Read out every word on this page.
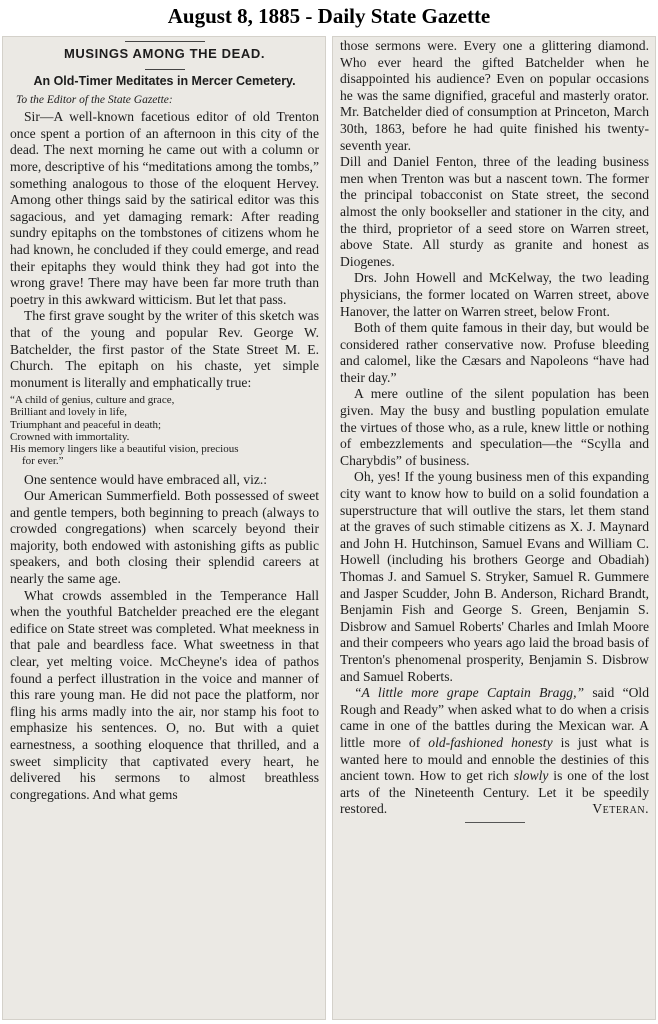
August 8, 1885 - Daily State Gazette
MUSINGS AMONG THE DEAD.
An Old-Timer Meditates in Mercer Cemetery.

To the Editor of the State Gazette:

Sir—A well-known facetious editor of old Trenton once spent a portion of an afternoon in this city of the dead. The next morning he came out with a column or more, descriptive of his “meditations among the tombs,” something analogous to those of the eloquent Hervey. Among other things said by the satirical editor was this sagacious, and yet damaging remark: After reading sundry epitaphs on the tombstones of citizens whom he had known, he concluded if they could emerge, and read their epitaphs they would think they had got into the wrong grave! There may have been far more truth than poetry in this awkward witticism. But let that pass.

The first grave sought by the writer of this sketch was that of the young and popular Rev. George W. Batchelder, the first pastor of the State Street M. E. Church. The epitaph on his chaste, yet simple monument is literally and emphatically true:

“A child of genius, culture and grace,
Brilliant and lovely in life,
Triumphant and peaceful in death;
Crowned with immortality.
His memory lingers like a beautiful vision, precious
for ever.”

One sentence would have embraced all, viz.:

Our American Summerfield. Both possessed of sweet and gentle tempers, both beginning to preach (always to crowded congregations) when scarcely beyond their majority, both endowed with astonishing gifts as public speakers, and both closing their splendid careers at nearly the same age.

What crowds assembled in the Temperance Hall when the youthful Batchelder preached ere the elegant edifice on State street was completed. What meekness in that pale and beardless face. What sweetness in that clear, yet melting voice. McCheyne's idea of pathos found a perfect illustration in the voice and manner of this rare young man. He did not pace the platform, nor fling his arms madly into the air, nor stamp his foot to emphasize his sentences. O, no. But with a quiet earnestness, a soothing eloquence that thrilled, and a sweet simplicity that captivated every heart, he delivered his sermons to almost breathless congregations. And what gems

those sermons were. Every one a glittering diamond. Who ever heard the gifted Batchelder when he disappointed his audience? Even on popular occasions he was the same dignified, graceful and masterly orator. Mr. Batchelder died of consumption at Princeton, March 30th, 1863, before he had quite finished his twenty-seventh year.

Dill and Daniel Fenton, three of the leading business men when Trenton was but a nascent town. The former the principal tobacconist on State street, the second almost the only bookseller and stationer in the city, and the third, proprietor of a seed store on Warren street, above State. All sturdy as granite and honest as Diogenes.

Drs. John Howell and McKelway, the two leading physicians, the former located on Warren street, above Hanover, the latter on Warren street, below Front.

Both of them quite famous in their day, but would be considered rather conservative now. Profuse bleeding and calomel, like the Cæsars and Napoleons “have had their day.”

A mere outline of the silent population has been given. May the busy and bustling population emulate the virtues of those who, as a rule, knew little or nothing of embezzlements and speculation—the “Scylla and Charybdis” of business.

Oh, yes! If the young business men of this expanding city want to know how to build on a solid foundation a superstructure that will outlive the stars, let them stand at the graves of such stimable citizens as X. J. Maynard and John H. Hutchinson, Samuel Evans and William C. Howell (including his brothers George and Obadiah) Thomas J. and Samuel S. Stryker, Samuel R. Gummere and Jasper Scudder, John B. Anderson, Richard Brandt, Benjamin Fish and George S. Green, Benjamin S. Disbrow and Samuel Roberts' Charles and Imlah Moore and their compeers who years ago laid the broad basis of Trenton's phenomenal prosperity, Benjamin S. Disbrow and Samuel Roberts.

“A little more grape Captain Bragg,” said “Old Rough and Ready” when asked what to do when a crisis came in one of the battles during the Mexican war. A little more of old-fashioned honesty is just what is wanted here to mould and ennoble the destinies of this ancient town. How to get rich slowly is one of the lost arts of the Nineteenth Century. Let it be speedily restored.	Veteran.
